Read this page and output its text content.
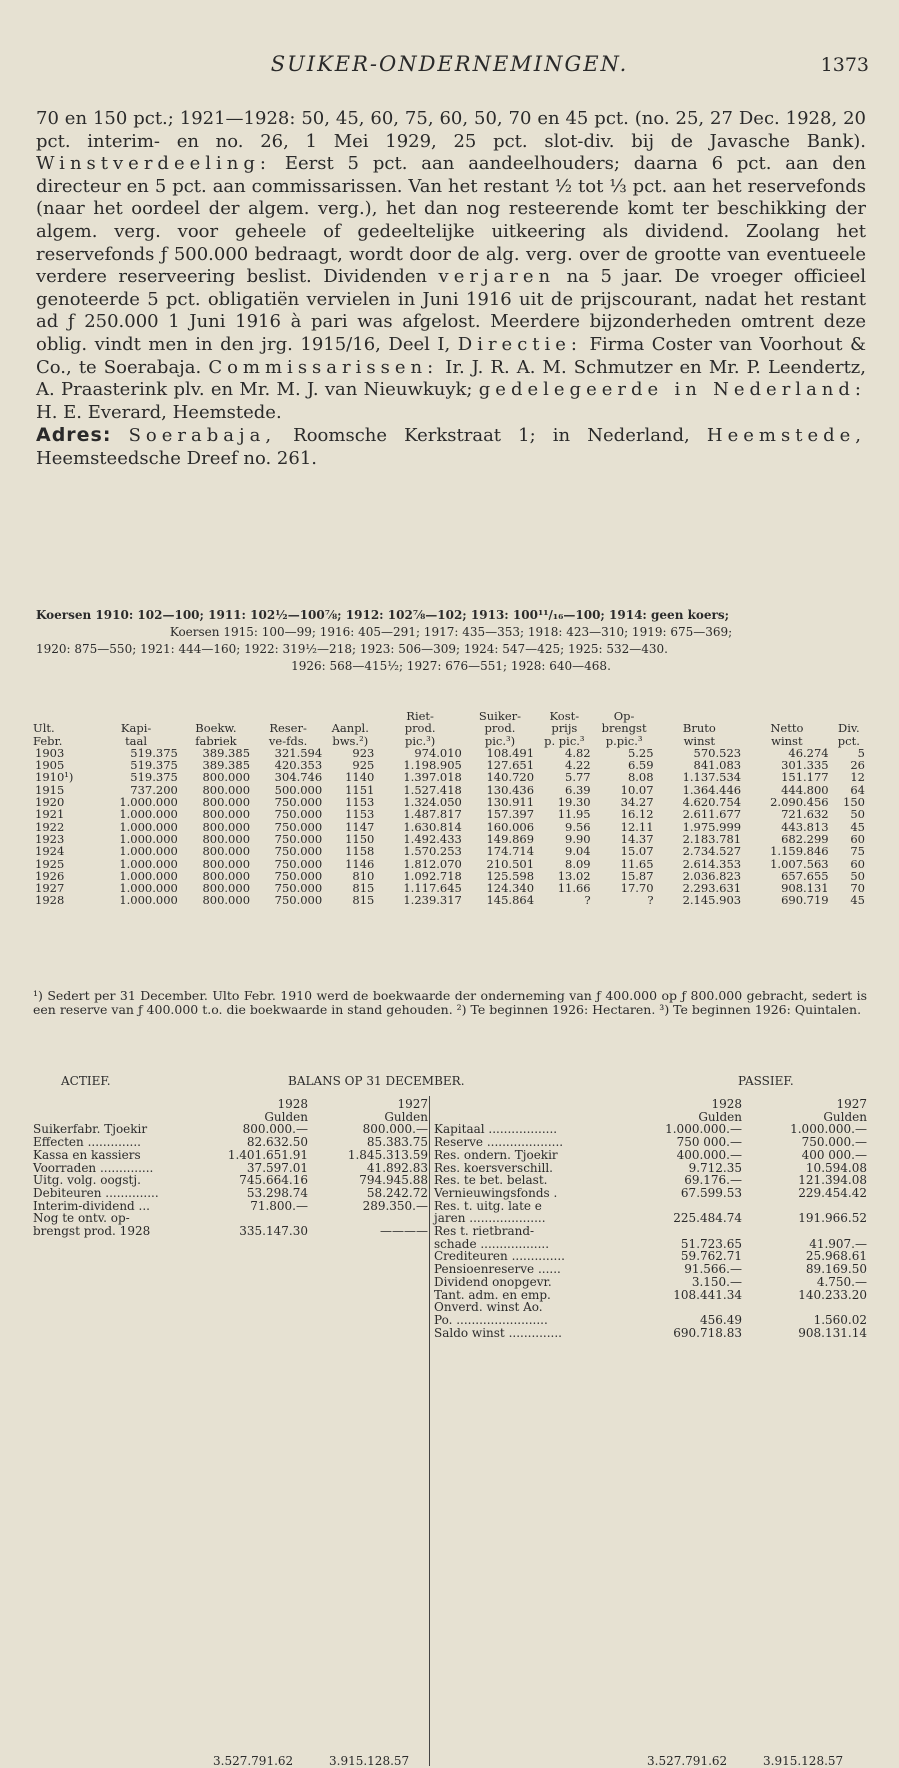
SUIKER-ONDERNEMINGEN.	1373

70 en 150 pct.; 1921—1928: 50, 45, 60, 75, 60, 50, 70 en 45 pct. (no. 25, 27 Dec. 1928, 20 pct. interim- en no. 26, 1 Mei 1929, 25 pct. slot-div. bij de Javasche Bank). Winstverdeeling: Eerst 5 pct. aan aandeelhouders; daarna 6 pct. aan den directeur en 5 pct. aan commissarissen. Van het restant ½ tot ⅓ pct. aan het reservefonds (naar het oordeel der algem. verg.), het dan nog resteerende komt ter beschikking der algem. verg. voor geheele of gedeeltelijke uitkeering als dividend. Zoolang het reservefonds ƒ 500.000 bedraagt, wordt door de alg. verg. over de grootte van eventueele verdere reserveering beslist. Dividenden verjaren na 5 jaar. De vroeger officieel genoteerde 5 pct. obligatiën vervielen in Juni 1916 uit de prijscourant, nadat het restant ad ƒ 250.000 1 Juni 1916 à pari was afgelost. Meerdere bijzonderheden omtrent deze oblig. vindt men in den jrg. 1915/16, Deel I, Directie: Firma Coster van Voorhout & Co., te Soerabaja. Commissarissen: Ir. J. R. A. M. Schmutzer en Mr. P. Leendertz, A. Praasterink plv. en Mr. M. J. van Nieuwkuyk; gedelegeerde in Nederland: H. E. Everard, Heemstede.

Adres: Soerabaja, Roomsche Kerkstraat 1; in Nederland, Heemstede, Heemsteedsche Dreef no. 261.

Koersen 1910: 102—100; 1911: 102½—100⅞; 1912: 102⅞—102; 1913: 100¹¹/₁₆—100; 1914: geen koers;

Koersen 1915: 100—99; 1916: 405—291; 1917: 435—353; 1918: 423—310; 1919: 675—369;

1920: 875—550; 1921: 444—160; 1922: 319½—218; 1923: 506—309; 1924: 547—425; 1925: 532—430.

1926: 568—415½; 1927: 676—551; 1928: 640—468.

					Riet-	Suiker-	Kost-	Op-			
Ult.	Kapi-	Boekw.	Reser-	Aanpl.	prod.	prod.	prijs	brengst	Bruto	Netto	Div.
Febr.	taal	fabriek	ve-fds.	bws.²)	pic.³)	pic.³)	p. pic.³	p.pic.³	winst	winst	pct.
1903	519.375	389.385	321.594	923	974.010	108.491	4.82	5.25	570.523	46.274	5
1905	519.375	389.385	420.353	925	1.198.905	127.651	4.22	6.59	841.083	301.335	26
1910¹)	519.375	800.000	304.746	1140	1.397.018	140.720	5.77	8.08	1.137.534	151.177	12
1915	737.200	800.000	500.000	1151	1.527.418	130.436	6.39	10.07	1.364.446	444.800	64
1920	1.000.000	800.000	750.000	1153	1.324.050	130.911	19.30	34.27	4.620.754	2.090.456	150
1921	1.000.000	800.000	750.000	1153	1.487.817	157.397	11.95	16.12	2.611.677	721.632	50
1922	1.000.000	800.000	750.000	1147	1.630.814	160.006	9.56	12.11	1.975.999	443.813	45
1923	1.000.000	800.000	750.000	1150	1.492.433	149.869	9.90	14.37	2.183.781	682.299	60
1924	1.000.000	800.000	750.000	1158	1.570.253	174.714	9.04	15.07	2.734.527	1.159.846	75
1925	1.000.000	800.000	750.000	1146	1.812.070	210.501	8.09	11.65	2.614.353	1.007.563	60
1926	1.000.000	800.000	750.000	810	1.092.718	125.598	13.02	15.87	2.036.823	657.655	50
1927	1.000.000	800.000	750.000	815	1.117.645	124.340	11.66	17.70	2.293.631	908.131	70
1928	1.000.000	800.000	750.000	815	1.239.317	145.864	?	?	2.145.903	690.719	45

¹) Sedert per 31 December. Ulto Febr. 1910 werd de boekwaarde der onderneming van ƒ 400.000 op ƒ 800.000 gebracht, sedert is een reserve van ƒ 400.000 t.o. die boekwaarde in stand gehouden. ²) Te beginnen 1926: Hectaren. ³) Te beginnen 1926: Quintalen.

ACTIEF.	BALANS OP 31 DECEMBER.	PASSIEF.
	1928	1927
	Gulden	Gulden
Suikerfabr. Tjoekir	800.000.—	800.000.—
Effecten ..............	82.632.50	85.383.75
Kassa en kassiers	1.401.651.91	1.845.313.59
Voorraden ..............	37.597.01	41.892.83
Uitg. volg. oogstj.	745.664.16	794.945.88
Debiteuren ..............	53.298.74	58.242.72
Interim-dividend ...	71.800.—	289.350.—
Nog te ontv. op-		
brengst prod. 1928	335.147.30	————
	1928	1927
	Gulden	Gulden
Kapitaal ..................	1.000.000.—	1.000.000.—
Reserve ....................	750 000.—	750.000.—
Res. ondern. Tjoekir	400.000.—	400 000.—
Res. koersverschill.	9.712.35	10.594.08
Res. te bet. belast.	69.176.—	121.394.08
Vernieuwingsfonds .	67.599.53	229.454.42
Res. t. uitg. late e		
jaren ....................	225.484.74	191.966.52
Res t. rietbrand-		
schade ..................	51.723.65	41.907.—
Crediteuren ..............	59.762.71	25.968.61
Pensioenreserve ......	91.566.—	89.169.50
Dividend onopgevr.	3.150.—	4.750.—
Tant. adm. en emp.	108.441.34	140.233.20
Onverd. winst Ao.		
Po. ........................	456.49	1.560.02
Saldo winst ..............	690.718.83	908.131.14
3.527.791.62	3.915.128.57	3.527.791.62	3.915.128.57
